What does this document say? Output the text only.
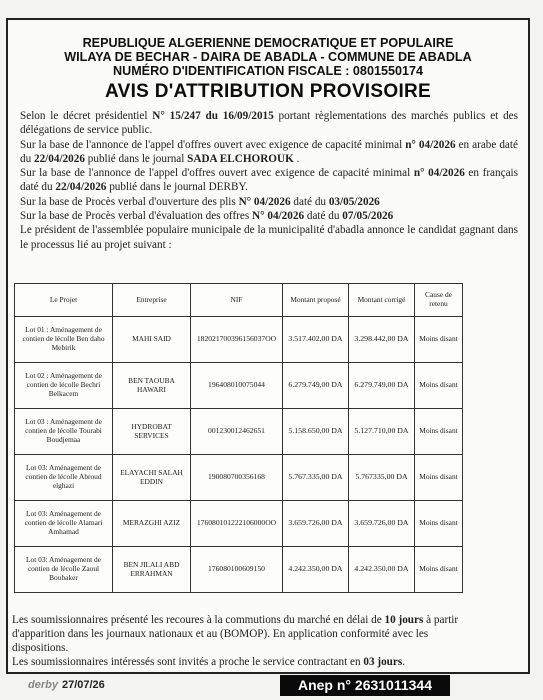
REPUBLIQUE ALGERIENNE DEMOCRATIQUE ET POPULAIRE
WILAYA DE BECHAR - DAIRA DE ABADLA - COMMUNE DE ABADLA
NUMÉRO D'IDENTIFICATION FISCALE : 0801550174
AVIS D'ATTRIBUTION PROVISOIRE

Selon le décret présidentiel N° 15/247 du 16/09/2015 portant règlementations des marchés publics et des délégations de service public.

Sur la base de l'annonce de l'appel d'offres ouvert avec exigence de capacité minimal n° 04/2026 en arabe daté du 22/04/2026 publié dans le journal SADA ELCHOROUK .

Sur la base de l'annonce de l'appel d'offres ouvert avec exigence de capacité minimal n° 04/2026 en français daté du 22/04/2026 publié dans le journal DERBY.

Sur la base de Procès verbal d'ouverture des plis N° 04/2026 daté du 03/05/2026

Sur la base de Procès verbal d'évaluation des offres N° 04/2026 daté du 07/05/2026

Le président de l'assemblée populaire municipale de la municipalité d'abadla annonce le candidat gagnant dans le processus lié au projet suivant :

Le Projet	Entreprise	NIF	Montant proposé	Montant corrigé	Cause de retenu
Lot 01 : Aménagement de contien de lécolle Ben daho Mebirik	MAHI SAID	182021700396156037OO	3.517.402,00 DA	3.298.442,00 DA	Moins disant
Lot 02 : Aménagement de contien de lécolle Bechri Belkacem	BEN TAOUBA HAWARI	196408010075044	6.279.749,00 DA	6.279.749,00 DA	Moins disant
Lot 03 : Aménagement de contien de lécolle Tourabi Boudjemaa	HYDROBAT SERVICES	001230012462651	5.158.650,00 DA	5.127.710,00 DA	Moins disant
Lot 03: Aménagement de contien de lécolle Abroud elghazi	ELAYACHI SALAH EDDIN	190080700356168	5.767.335,00 DA	5.767335,00 DA	Moins disant
Lot 03: Aménagement de contien de lécolle Alamari Amhamad	MERAZGHI AZIZ	176080101222106000OO	3.659.726,00 DA	3.659.726,00 DA	Moins disant
Lot 03: Aménagement de contien de lécolle Zaoul Boubaker	BEN JILALI ABD ERRAHMAN	176080100609150	4.242.350,00 DA	4.242.350,00 DA	Moins disant

Les soumissionnaires présenté les recoures à la commutions du marché en délai de 10 jours à partir d'apparition dans les journaux nationaux et au (BOMOP). En application conformité avec les dispositions.

Les soumissionnaires intéressés sont invités a proche le service contractant en 03 jours.

derby 27/07/26	Anep n° 2631011344
